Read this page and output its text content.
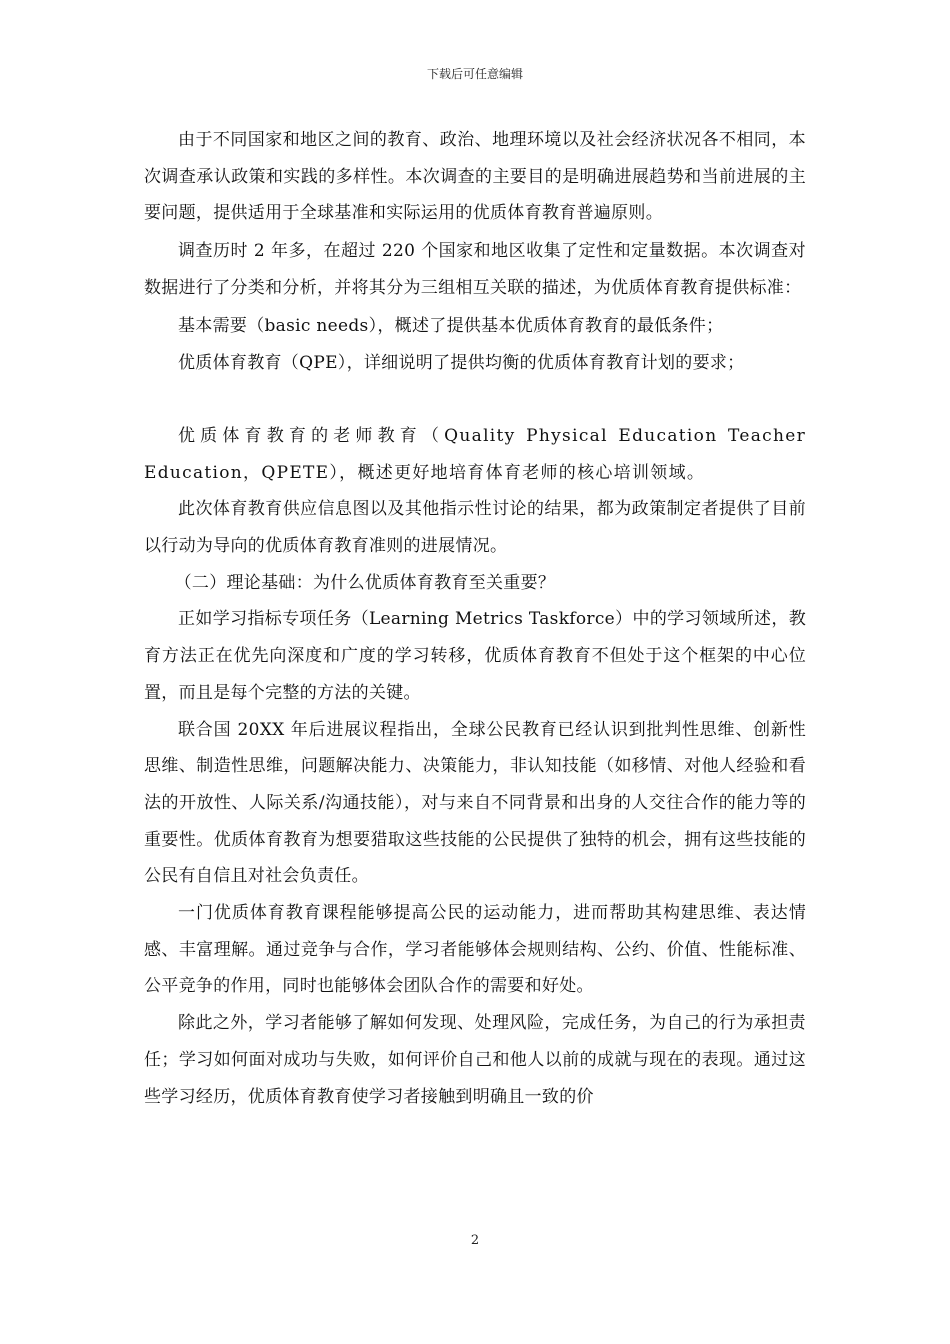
下载后可任意编辑

由于不同国家和地区之间的教育、政治、地理环境以及社会经济状况各不相同，本次调查承认政策和实践的多样性。本次调查的主要目的是明确进展趋势和当前进展的主要问题，提供适用于全球基准和实际运用的优质体育教育普遍原则。

调查历时 2 年多，在超过 220 个国家和地区收集了定性和定量数据。本次调查对数据进行了分类和分析，并将其分为三组相互关联的描述，为优质体育教育提供标准：

基本需要（basic needs），概述了提供基本优质体育教育的最低条件；

优质体育教育（QPE），详细说明了提供均衡的优质体育教育计划的要求；

优质体育教育的老师教育（Quality Physical Education Teacher Education，QPETE），概述更好地培育体育老师的核心培训领域。

此次体育教育供应信息图以及其他指示性讨论的结果，都为政策制定者提供了目前以行动为导向的优质体育教育准则的进展情况。

（二）理论基础：为什么优质体育教育至关重要？

正如学习指标专项任务（Learning Metrics Taskforce）中的学习领域所述，教育方法正在优先向深度和广度的学习转移，优质体育教育不但处于这个框架的中心位置，而且是每个完整的方法的关键。

联合国 20XX 年后进展议程指出，全球公民教育已经认识到批判性思维、创新性思维、制造性思维，问题解决能力、决策能力，非认知技能（如移情、对他人经验和看法的开放性、人际关系/沟通技能），对与来自不同背景和出身的人交往合作的能力等的重要性。优质体育教育为想要猎取这些技能的公民提供了独特的机会，拥有这些技能的公民有自信且对社会负责任。

一门优质体育教育课程能够提高公民的运动能力，进而帮助其构建思维、表达情感、丰富理解。通过竞争与合作，学习者能够体会规则结构、公约、价值、性能标准、公平竞争的作用，同时也能够体会团队合作的需要和好处。

除此之外，学习者能够了解如何发现、处理风险，完成任务，为自己的行为承担责任；学习如何面对成功与失败，如何评价自己和他人以前的成就与现在的表现。通过这些学习经历，优质体育教育使学习者接触到明确且一致的价

2
